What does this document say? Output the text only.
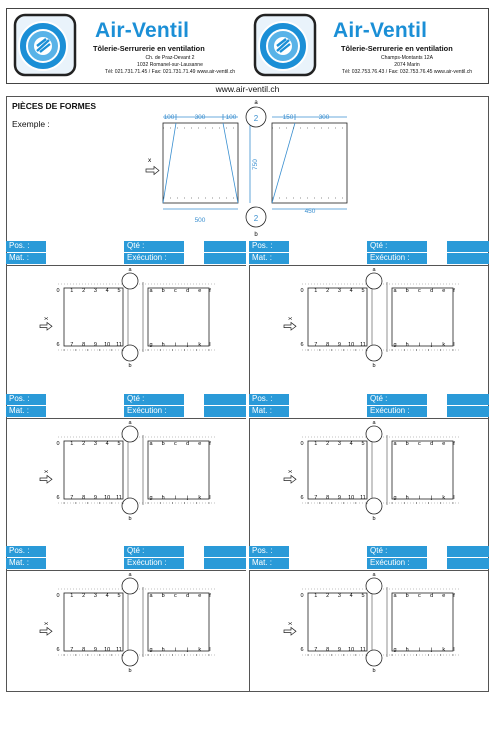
Air-Ventil
Tôlerie-Serrurerie en ventilation
Ch. de Praz-Devant 2
1032 Romanel-sur-Lausanne
Tél: 021.731.71.45 / Fax: 021.731.71.49 www.air-ventil.ch
Air-Ventil
Tôlerie-Serrurerie en ventilation
Champs-Montants 12A
2074 Marin
Tél: 032.753.76.43 / Fax: 032.753.76.45 www.air-ventil.ch
www.air-ventil.ch
PIÈCES DE FORMES
Exemple :
2
2
a
b
100	300	100	150	300
500
450
750
x
Pos. :	Qté :
Mat. :	Exécution :
a
b
0
6
a
g
1
7
b
h
2
8
c
i
3
9
d
j
4
10
e
k
5
11
f
l
x
Pos. :	Qté :
Mat. :	Exécution :
a
b
0
6
a
g
1
7
b
h
2
8
c
i
3
9
d
j
4
10
e
k
5
11
f
l
x
Pos. :	Qté :
Mat. :	Exécution :
a
b
0
6
a
g
1
7
b
h
2
8
c
i
3
9
d
j
4
10
e
k
5
11
f
l
x
Pos. :	Qté :
Mat. :	Exécution :
a
b
0
6
a
g
1
7
b
h
2
8
c
i
3
9
d
j
4
10
e
k
5
11
f
l
x
Pos. :	Qté :
Mat. :	Exécution :
a
b
0
6
a
g
1
7
b
h
2
8
c
i
3
9
d
j
4
10
e
k
5
11
f
l
x
Pos. :	Qté :
Mat. :	Exécution :
a
b
0
6
a
g
1
7
b
h
2
8
c
i
3
9
d
j
4
10
e
k
5
11
f
l
x
